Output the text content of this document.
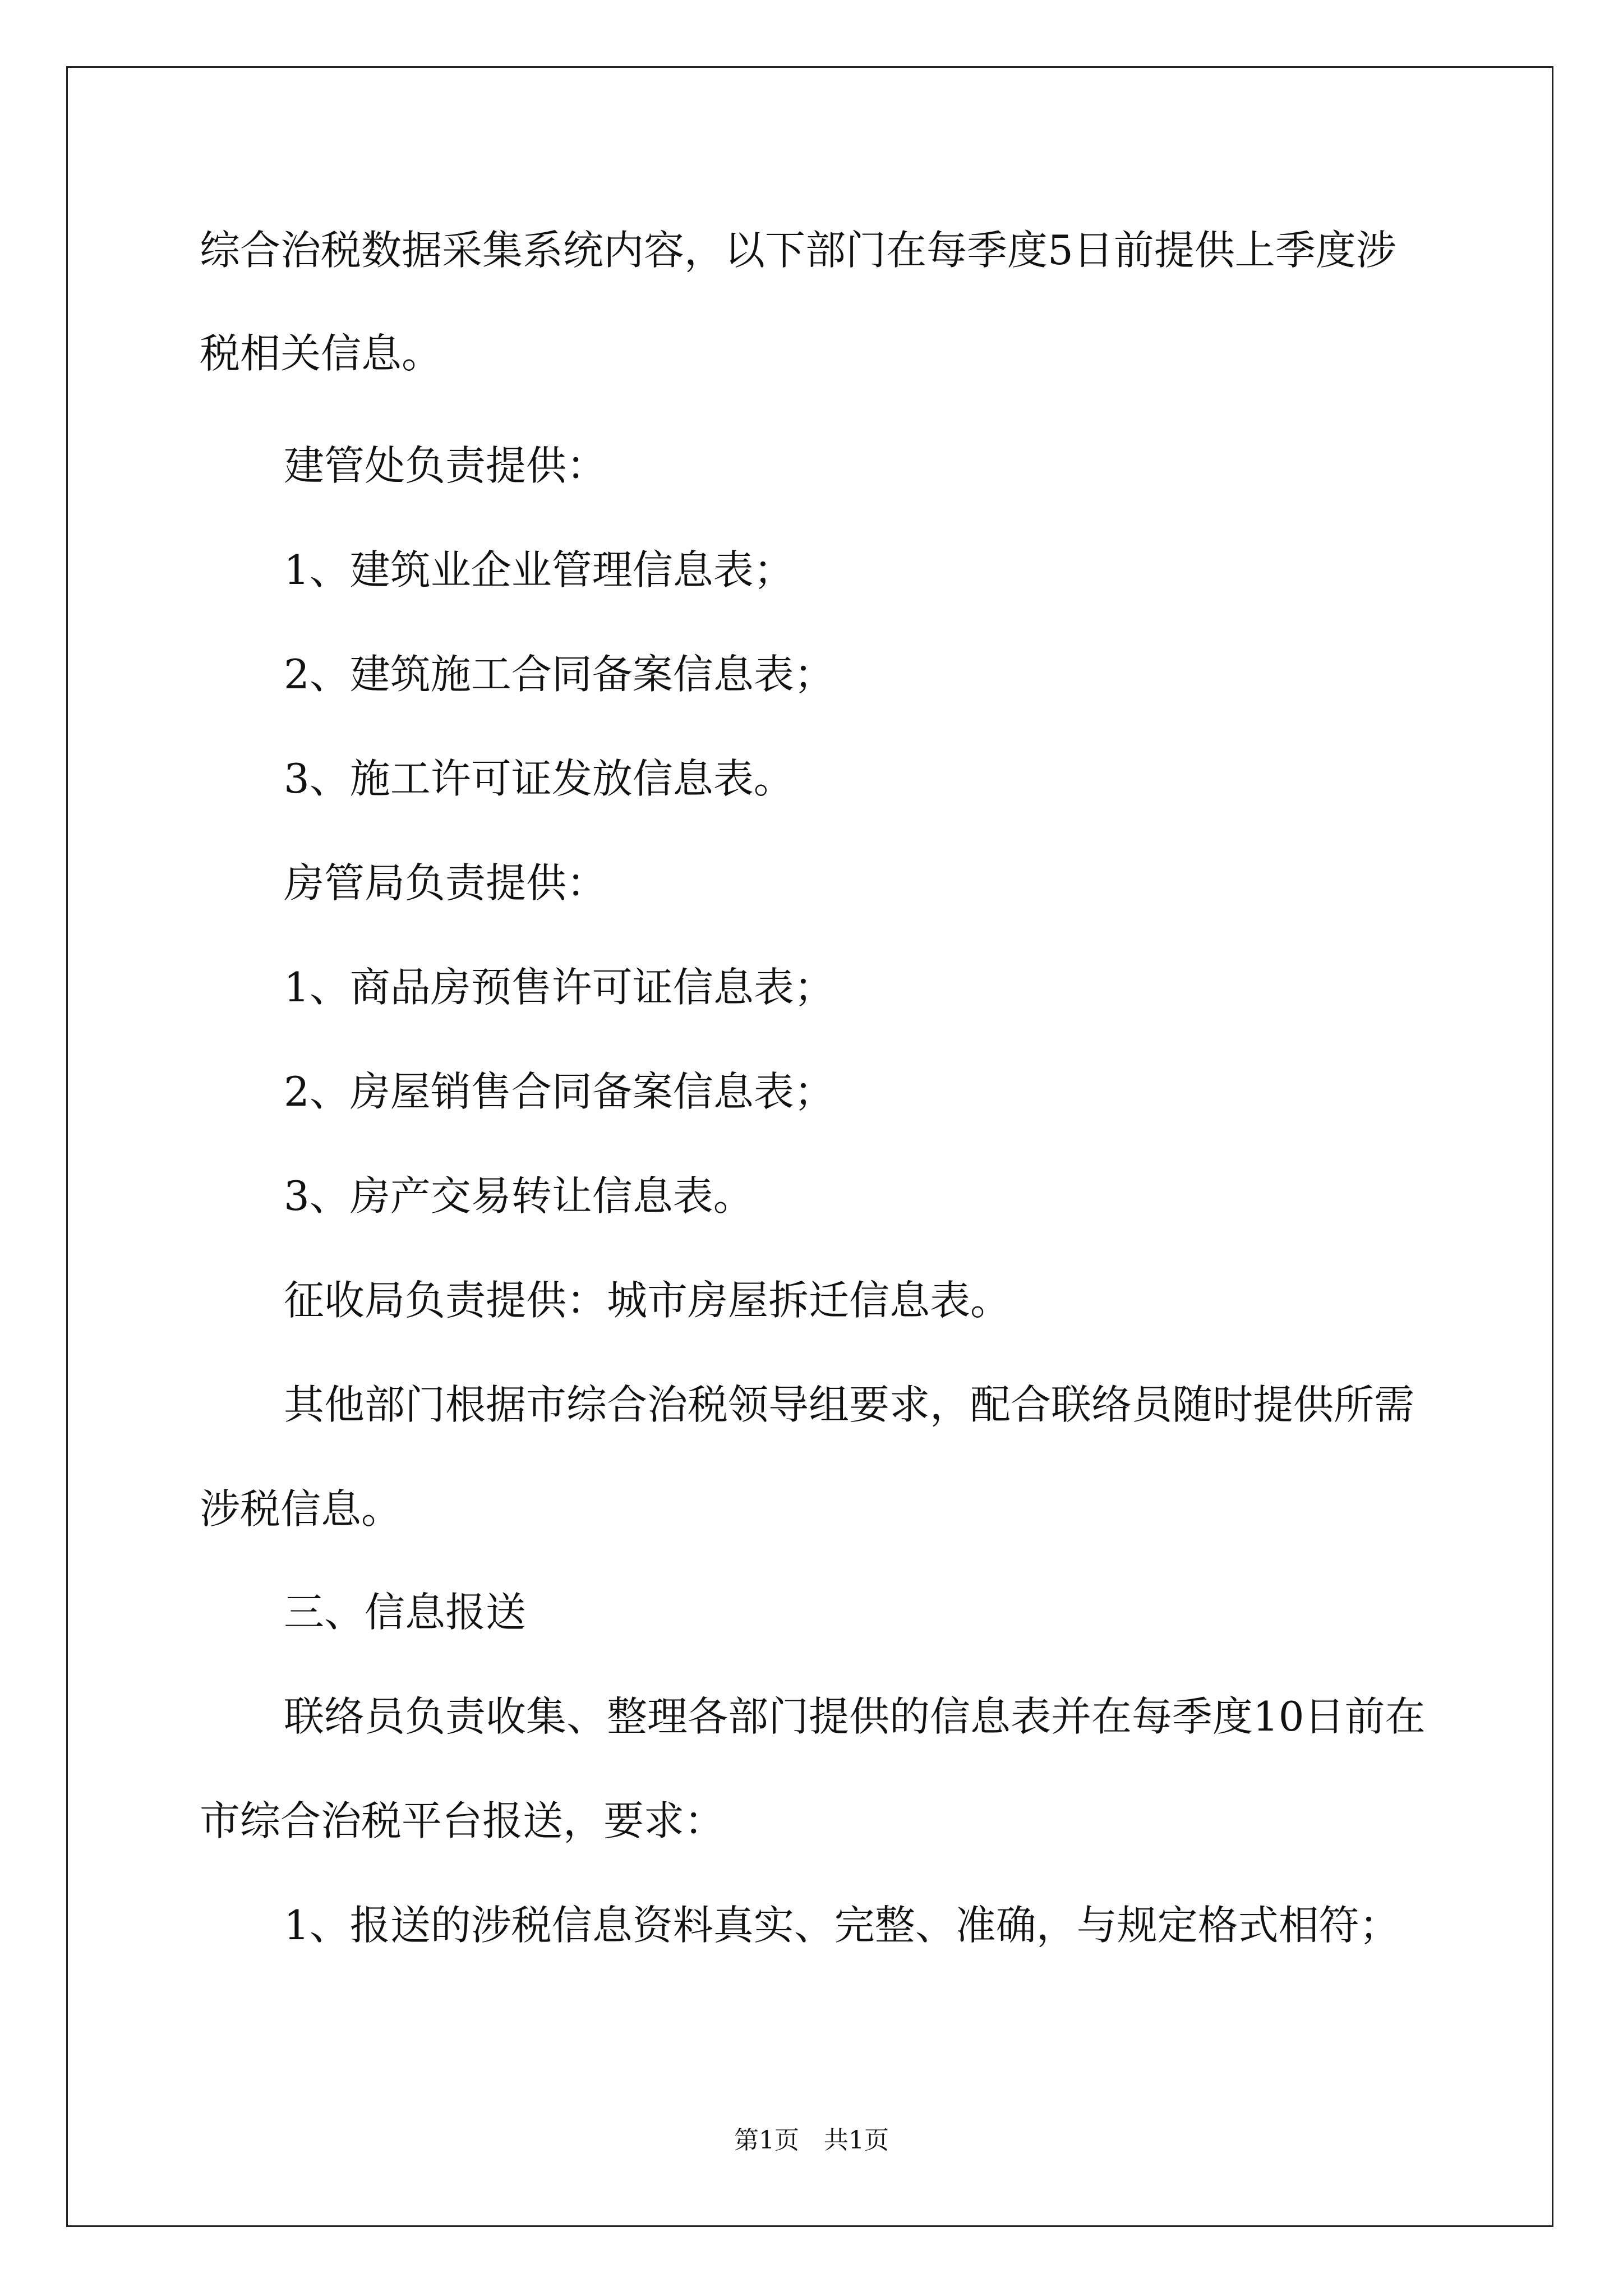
综合治税数据采集系统内容，以下部门在每季度5日前提供上季度涉
税相关信息。
建管处负责提供：
1、建筑业企业管理信息表；
2、建筑施工合同备案信息表；
3、施工许可证发放信息表。
房管局负责提供：
1、商品房预售许可证信息表；
2、房屋销售合同备案信息表；
3、房产交易转让信息表。
征收局负责提供：城市房屋拆迁信息表。
其他部门根据市综合治税领导组要求，配合联络员随时提供所需
涉税信息。
三、信息报送
联络员负责收集、整理各部门提供的信息表并在每季度10日前在
市综合治税平台报送，要求：
1、报送的涉税信息资料真实、完整、准确，与规定格式相符；
第1页　共1页
